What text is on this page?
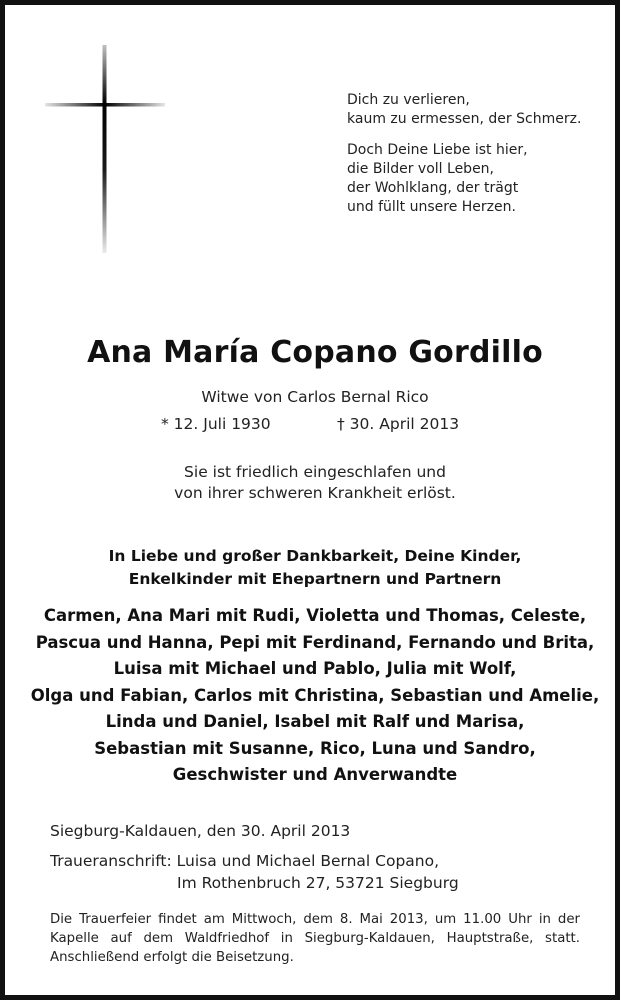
Dich zu verlieren,
kaum zu ermessen, der Schmerz.
Doch Deine Liebe ist hier,
die Bilder voll Leben,
der Wohlklang, der trägt
und füllt unsere Herzen.
Ana María Copano Gordillo
Witwe von Carlos Bernal Rico
* 12. Juli 1930	† 30. April 2013
Sie ist friedlich eingeschlafen und
von ihrer schweren Krankheit erlöst.
In Liebe und großer Dankbarkeit, Deine Kinder,
Enkelkinder mit Ehepartnern und Partnern
Carmen, Ana Mari mit Rudi, Violetta und Thomas, Celeste,
Pascua und Hanna, Pepi mit Ferdinand, Fernando und Brita,
Luisa mit Michael und Pablo, Julia mit Wolf,
Olga und Fabian, Carlos mit Christina, Sebastian und Amelie,
Linda und Daniel, Isabel mit Ralf und Marisa,
Sebastian mit Susanne, Rico, Luna und Sandro,
Geschwister und Anverwandte
Siegburg-Kaldauen, den 30. April 2013
Traueranschrift: Luisa und Michael Bernal Copano,
Im Rothenbruch 27, 53721 Siegburg
Die Trauerfeier findet am Mittwoch, dem 8. Mai 2013, um 11.00 Uhr in der
Kapelle auf dem Waldfriedhof in Siegburg-Kaldauen, Hauptstraße, statt.
Anschließend erfolgt die Beisetzung.
